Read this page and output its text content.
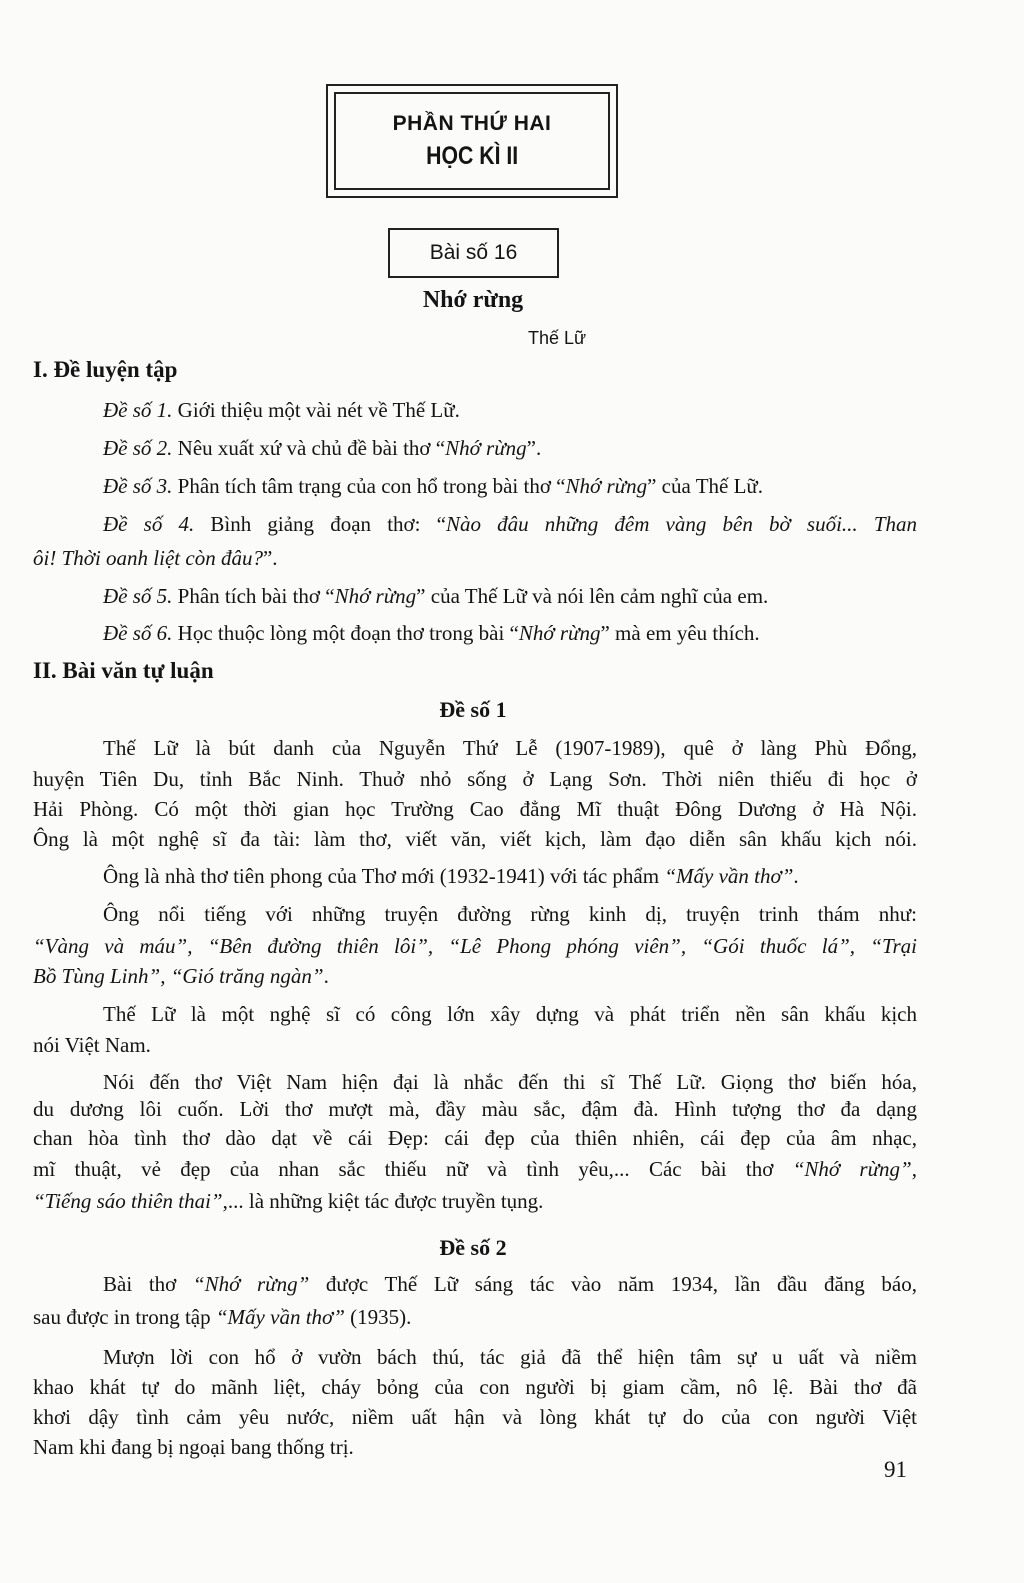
PHẦN THỨ HAI
HỌC KÌ II
Bài số 16
Nhớ rừng
Thế Lữ
I. Đề luyện tập
Đề số 1. Giới thiệu một vài nét về Thế Lữ.
Đề số 2. Nêu xuất xứ và chủ đề bài thơ “Nhớ rừng”.
Đề số 3. Phân tích tâm trạng của con hổ trong bài thơ “Nhớ rừng” của Thế Lữ.
Đề số 4. Bình giảng đoạn thơ: “Nào đâu những đêm vàng bên bờ suối... Than
ôi! Thời oanh liệt còn đâu?”.
Đề số 5. Phân tích bài thơ “Nhớ rừng” của Thế Lữ và nói lên cảm nghĩ của em.
Đề số 6. Học thuộc lòng một đoạn thơ trong bài “Nhớ rừng” mà em yêu thích.
II. Bài văn tự luận
Đề số 1
Thế Lữ là bút danh của Nguyễn Thứ Lễ (1907-1989), quê ở làng Phù Đổng,
huyện Tiên Du, tỉnh Bắc Ninh. Thuở nhỏ sống ở Lạng Sơn. Thời niên thiếu đi học ở
Hải Phòng. Có một thời gian học Trường Cao đẳng Mĩ thuật Đông Dương ở Hà Nội.
Ông là một nghệ sĩ đa tài: làm thơ, viết văn, viết kịch, làm đạo diễn sân khấu kịch nói.
Ông là nhà thơ tiên phong của Thơ mới (1932-1941) với tác phẩm “Mấy vần thơ”.
Ông nổi tiếng với những truyện đường rừng kinh dị, truyện trinh thám như:
“Vàng và máu”, “Bên đường thiên lôi”, “Lê Phong phóng viên”, “Gói thuốc lá”, “Trại
Bồ Tùng Linh”, “Gió trăng ngàn”.
Thế Lữ là một nghệ sĩ có công lớn xây dựng và phát triển nền sân khấu kịch
nói Việt Nam.
Nói đến thơ Việt Nam hiện đại là nhắc đến thi sĩ Thế Lữ. Giọng thơ biến hóa,
du dương lôi cuốn. Lời thơ mượt mà, đầy màu sắc, đậm đà. Hình tượng thơ đa dạng
chan hòa tình thơ dào dạt về cái Đẹp: cái đẹp của thiên nhiên, cái đẹp của âm nhạc,
mĩ thuật, vẻ đẹp của nhan sắc thiếu nữ và tình yêu,... Các bài thơ “Nhớ rừng”,
“Tiếng sáo thiên thai”,... là những kiệt tác được truyền tụng.
Đề số 2
Bài thơ “Nhớ rừng” được Thế Lữ sáng tác vào năm 1934, lần đầu đăng báo,
sau được in trong tập “Mấy vần thơ” (1935).
Mượn lời con hổ ở vườn bách thú, tác giả đã thể hiện tâm sự u uất và niềm
khao khát tự do mãnh liệt, cháy bỏng của con người bị giam cầm, nô lệ. Bài thơ đã
khơi dậy tình cảm yêu nước, niềm uất hận và lòng khát tự do của con người Việt
Nam khi đang bị ngoại bang thống trị.
91
